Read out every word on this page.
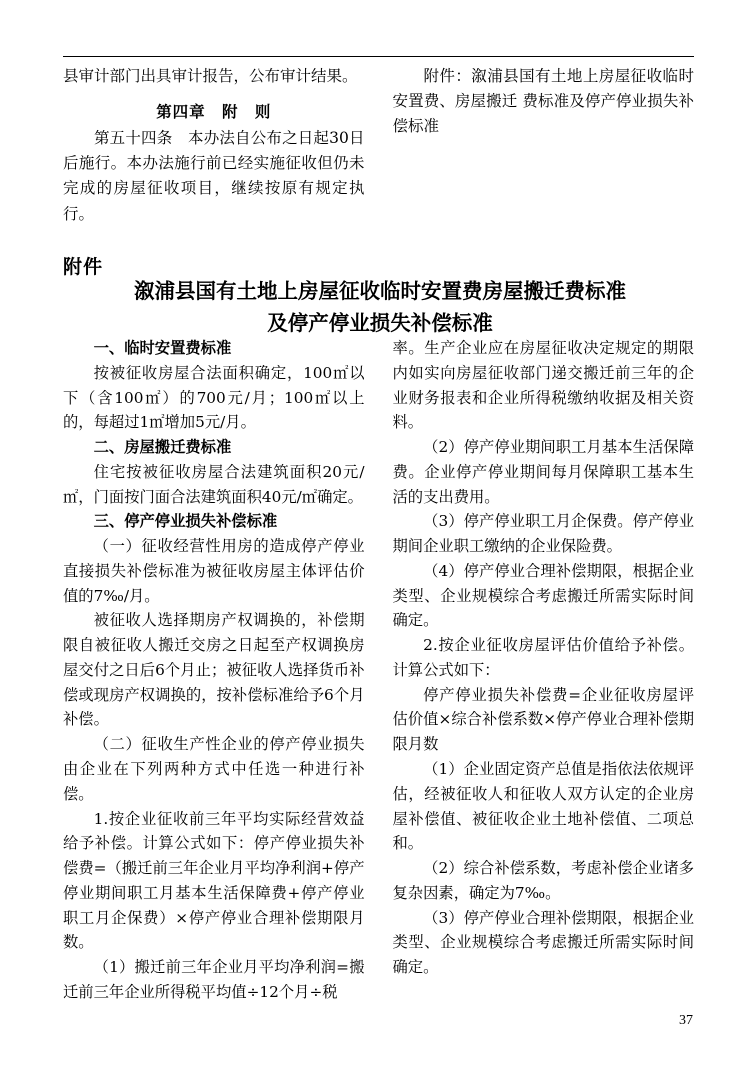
县审计部门出具审计报告，公布审计结果。

第四章　附　则

第五十四条　本办法自公布之日起30日后施行。本办法施行前已经实施征收但仍未完成的房屋征收项目，继续按原有规定执行。

附件：溆浦县国有土地上房屋征收临时安置费、房屋搬迁 费标准及停产停业损失补偿标准

附件
溆浦县国有土地上房屋征收临时安置费房屋搬迁费标准
及停产停业损失补偿标准

一、临时安置费标准

按被征收房屋合法面积确定，100㎡以下（含100㎡）的700元/月；100㎡以上的，每超过1㎡增加5元/月。

二、房屋搬迁费标准

住宅按被征收房屋合法建筑面积20元/㎡，门面按门面合法建筑面积40元/㎡确定。

三、停产停业损失补偿标准

（一）征收经营性用房的造成停产停业直接损失补偿标准为被征收房屋主体评估价值的7‰/月。

被征收人选择期房产权调换的，补偿期限自被征收人搬迁交房之日起至产权调换房屋交付之日后6个月止；被征收人选择货币补偿或现房产权调换的，按补偿标准给予6个月补偿。

（二）征收生产性企业的停产停业损失由企业在下列两种方式中任选一种进行补偿。

1.按企业征收前三年平均实际经营效益给予补偿。计算公式如下：停产停业损失补偿费=（搬迁前三年企业月平均净利润+停产停业期间职工月基本生活保障费+停产停业职工月企保费）×停产停业合理补偿期限月数。

（1）搬迁前三年企业月平均净利润=搬迁前三年企业所得税平均值÷12个月÷税

率。生产企业应在房屋征收决定规定的期限内如实向房屋征收部门递交搬迁前三年的企业财务报表和企业所得税缴纳收据及相关资料。

（2）停产停业期间职工月基本生活保障费。企业停产停业期间每月保障职工基本生活的支出费用。

（3）停产停业职工月企保费。停产停业期间企业职工缴纳的企业保险费。

（4）停产停业合理补偿期限，根据企业类型、企业规模综合考虑搬迁所需实际时间确定。

2.按企业征收房屋评估价值给予补偿。计算公式如下：

停产停业损失补偿费=企业征收房屋评估价值×综合补偿系数×停产停业合理补偿期限月数

（1）企业固定资产总值是指依法依规评估，经被征收人和征收人双方认定的企业房屋补偿值、被征收企业土地补偿值、二项总和。

（2）综合补偿系数，考虑补偿企业诸多复杂因素，确定为7‰。

（3）停产停业合理补偿期限，根据企业类型、企业规模综合考虑搬迁所需实际时间确定。

37
